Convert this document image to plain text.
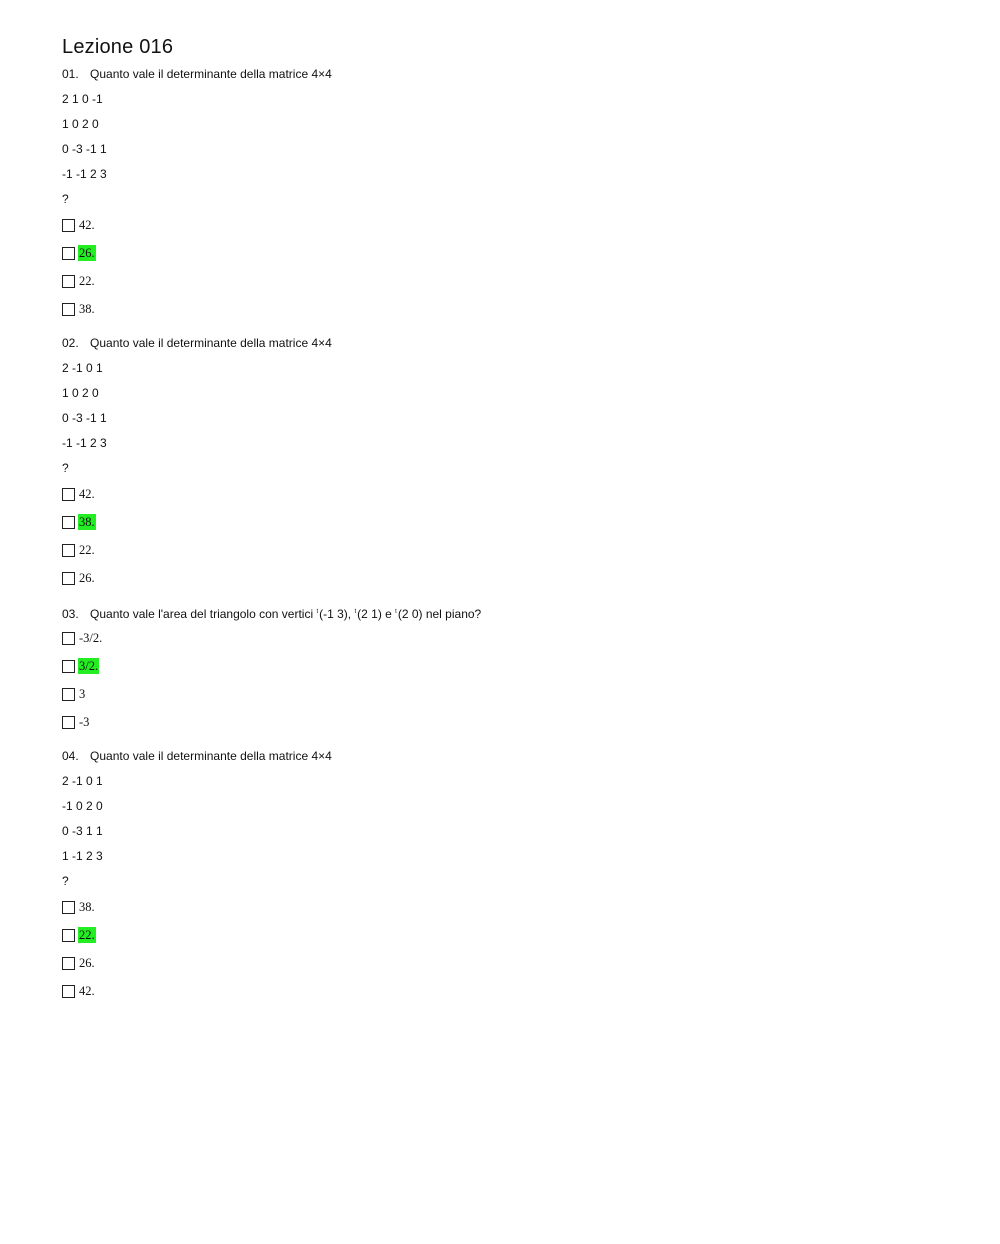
Lezione 016
01. Quanto vale il determinante della matrice 4×4
2 1 0 -1
1 0 2 0
0 -3 -1 1
-1 -1 2 3
?
42.
26.
22.
38.
02. Quanto vale il determinante della matrice 4×4
2 -1 0 1
1 0 2 0
0 -3 -1 1
-1 -1 2 3
?
42.
38.
22.
26.
03. Quanto vale l'area del triangolo con vertici $^t$(-1 3), $^t$(2 1) e $^t$(2 0) nel piano?
-3/2.
3/2.
3
-3
04. Quanto vale il determinante della matrice 4×4
2 -1 0 1
-1 0 2 0
0 -3 1 1
1 -1 2 3
?
38.
22.
26.
42.
